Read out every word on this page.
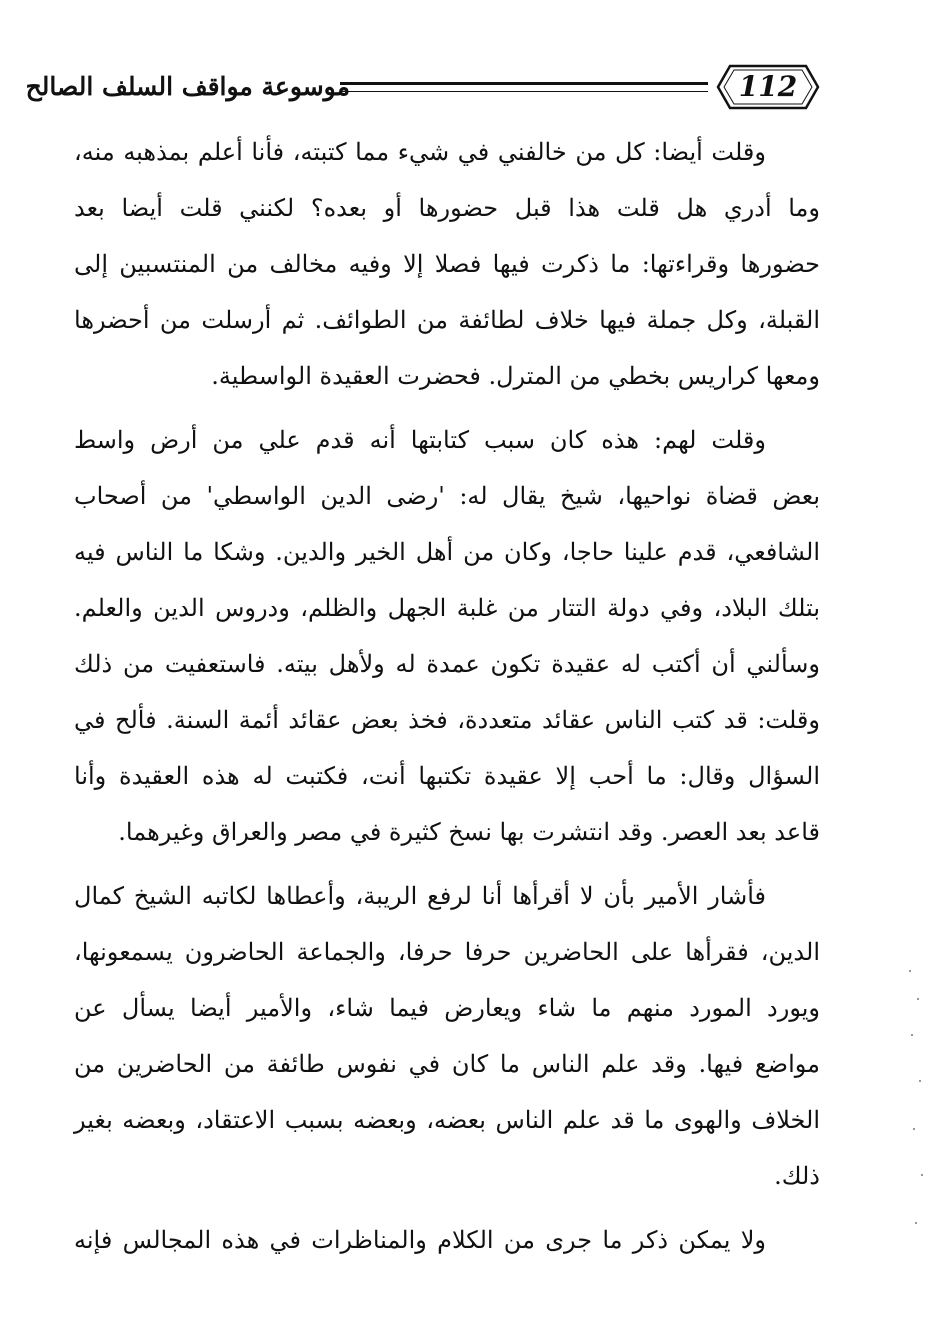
موسوعة مواقف السلف الصالح	112
وقلت أيضا: كل من خالفني في شيء مما كتبته، فأنا أعلم بمذهبه منه،
وما أدري هل قلت هذا قبل حضورها أو بعده؟ لكنني قلت أيضا بعد
حضورها وقراءتها: ما ذكرت فيها فصلا إلا وفيه مخالف من المنتسبين إلى
القبلة، وكل جملة فيها خلاف لطائفة من الطوائف. ثم أرسلت من أحضرها
ومعها كراريس بخطي من المترل. فحضرت العقيدة الواسطية.
وقلت لهم: هذه كان سبب كتابتها أنه قدم علي من أرض واسط
بعض قضاة نواحيها، شيخ يقال له: 'رضى الدين الواسطي' من أصحاب
الشافعي، قدم علينا حاجا، وكان من أهل الخير والدين. وشكا ما الناس فيه
بتلك البلاد، وفي دولة التتار من غلبة الجهل والظلم، ودروس الدين والعلم.
وسألني أن أكتب له عقيدة تكون عمدة له ولأهل بيته. فاستعفيت من ذلك
وقلت: قد كتب الناس عقائد متعددة، فخذ بعض عقائد أئمة السنة. فألح في
السؤال وقال: ما أحب إلا عقيدة تكتبها أنت، فكتبت له هذه العقيدة وأنا
قاعد بعد العصر. وقد انتشرت بها نسخ كثيرة في مصر والعراق وغيرهما.
فأشار الأمير بأن لا أقرأها أنا لرفع الريبة، وأعطاها لكاتبه الشيخ كمال
الدين، فقرأها على الحاضرين حرفا حرفا، والجماعة الحاضرون يسمعونها،
ويورد المورد منهم ما شاء ويعارض فيما شاء، والأمير أيضا يسأل عن
مواضع فيها. وقد علم الناس ما كان في نفوس طائفة من الحاضرين من
الخلاف والهوى ما قد علم الناس بعضه، وبعضه بسبب الاعتقاد، وبعضه بغير
ذلك.
ولا يمكن ذكر ما جرى من الكلام والمناظرات في هذه المجالس فإنه
